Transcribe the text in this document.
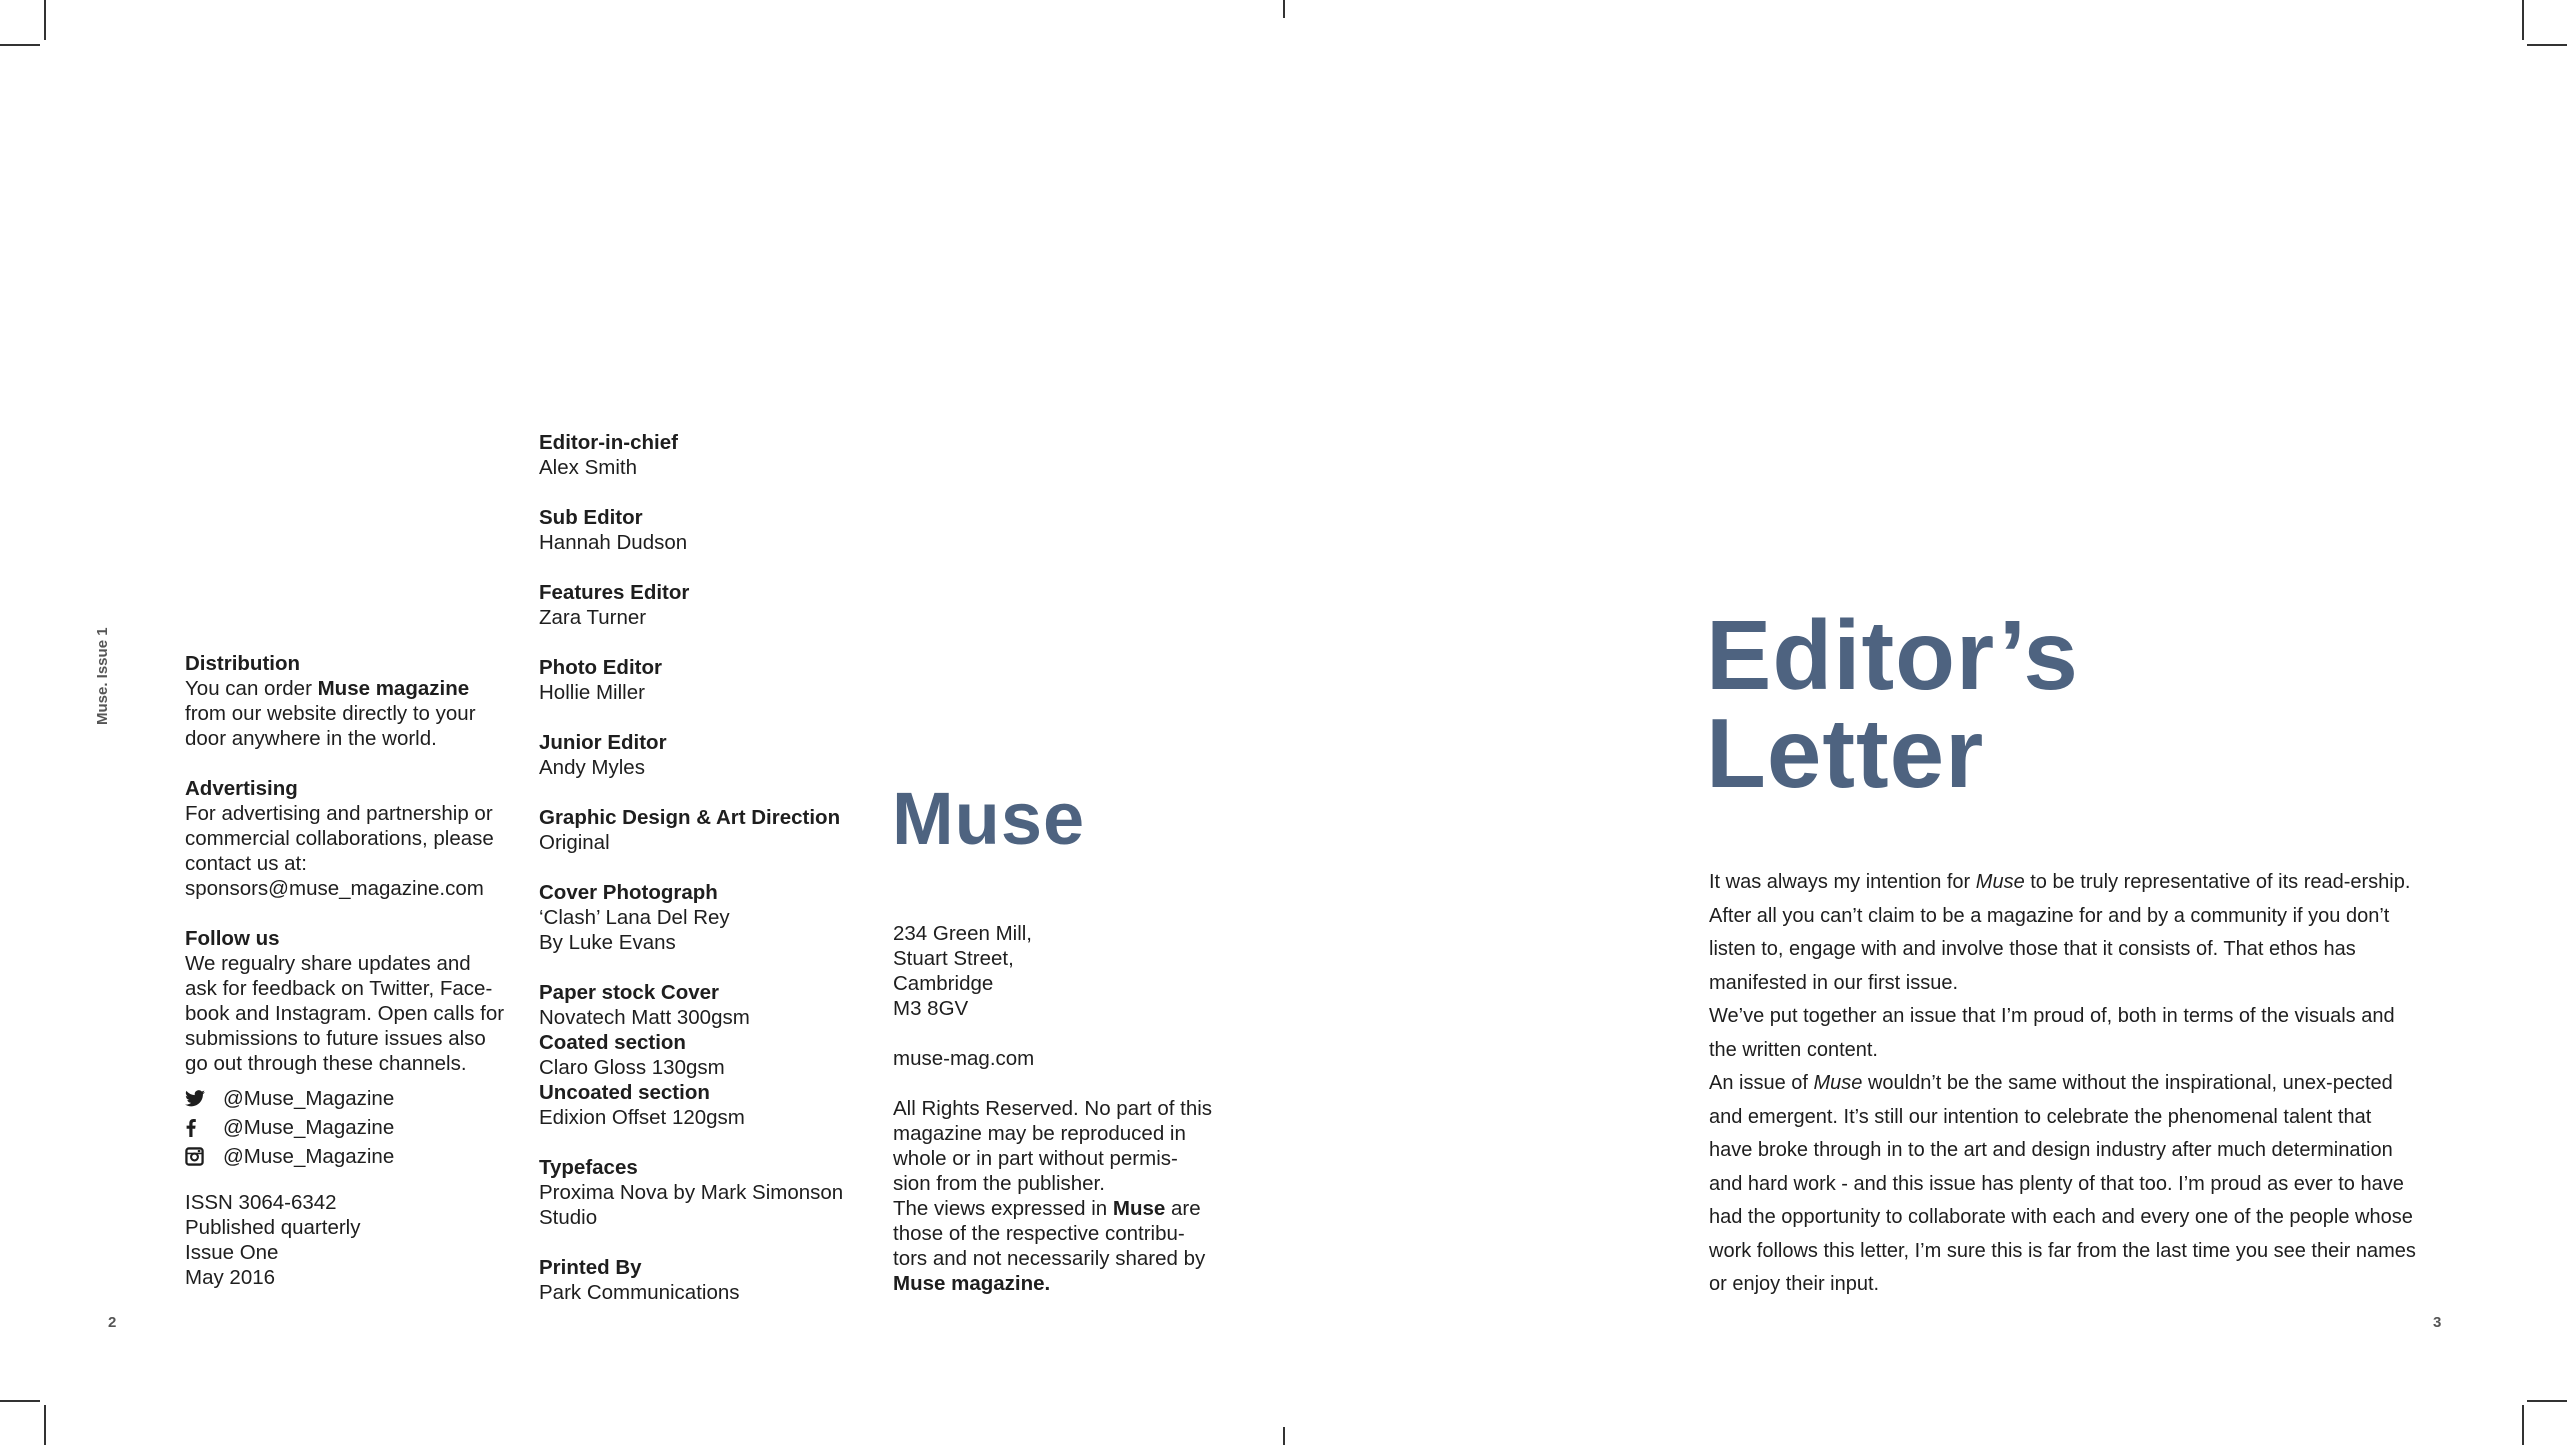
Muse. Issue 1
2	3
Distribution
You can order Muse magazine
from our website directly to your
door anywhere in the world.
Advertising
For advertising and partnership or
commercial collaborations, please
contact us at:
sponsors@muse_magazine.com
Follow us
We regualry share updates and
ask for feedback on Twitter, Face-
book and Instagram. Open calls for
submissions to future issues also
go out through these channels.
@Muse_Magazine
@Muse_Magazine
@Muse_Magazine
ISSN 3064-6342
Published quarterly
Issue One
May 2016
Editor-in-chief
Alex Smith
Sub Editor
Hannah Dudson
Features Editor
Zara Turner
Photo Editor
Hollie Miller
Junior Editor
Andy Myles
Graphic Design & Art Direction
Original
Cover Photograph
‘Clash’ Lana Del Rey
By Luke Evans
Paper stock Cover
Novatech Matt 300gsm
Coated section
Claro Gloss 130gsm
Uncoated section
Edixion Offset 120gsm
Typefaces
Proxima Nova by Mark Simonson
Studio
Printed By
Park Communications
Muse
234 Green Mill,
Stuart Street,
Cambridge
M3 8GV
muse-mag.com
All Rights Reserved. No part of this
magazine may be reproduced in
whole or in part without permis-
sion from the publisher.
The views expressed in Muse are
those of the respective contribu-
tors and not necessarily shared by
Muse magazine.
Editor’s
Letter

It was always my intention for Muse to be truly representative of its read-ership. After all you can’t claim to be a magazine for and by a community if you don’t listen to, engage with and involve those that it consists of. That ethos has manifested in our first issue.

We’ve put together an issue that I’m proud of, both in terms of the visuals and the written content.

An issue of Muse wouldn’t be the same without the inspirational, unex-pected and emergent. It’s still our intention to celebrate the phenomenal talent that have broke through in to the art and design industry after much determination and hard work - and this issue has plenty of that too. I’m proud as ever to have had the opportunity to collaborate with each and every one of the people whose work follows this letter, I’m sure this is far from the last time you see their names or enjoy their input.
